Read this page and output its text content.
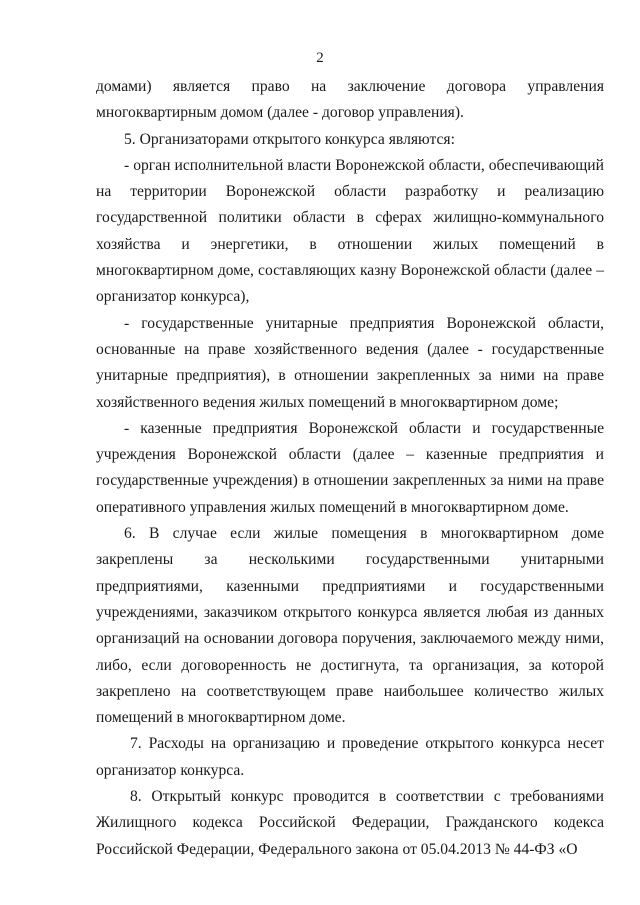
2

домами) является право на заключение договора управления многоквартирным домом (далее - договор управления).

5. Организаторами открытого конкурса являются:

- орган исполнительной власти Воронежской области, обеспечивающий на территории Воронежской области разработку и реализацию государственной политики области в сферах жилищно-коммунального хозяйства и энергетики, в отношении жилых помещений в многоквартирном доме, составляющих казну Воронежской области (далее – организатор конкурса),

- государственные унитарные предприятия Воронежской области, основанные на праве хозяйственного ведения (далее - государственные унитарные предприятия), в отношении закрепленных за ними на праве хозяйственного ведения жилых помещений в многоквартирном доме;

- казенные предприятия Воронежской области и государственные учреждения Воронежской области (далее – казенные предприятия и государственные учреждения) в отношении закрепленных за ними на праве оперативного управления жилых помещений в многоквартирном доме.

6. В случае если жилые помещения в многоквартирном доме закреплены за несколькими государственными унитарными предприятиями, казенными предприятиями и государственными учреждениями, заказчиком открытого конкурса является любая из данных организаций на основании договора поручения, заключаемого между ними, либо, если договоренность не достигнута, та организация, за которой закреплено на соответствующем праве наибольшее количество жилых помещений в многоквартирном доме.

7. Расходы на организацию и проведение открытого конкурса несет организатор конкурса.

8. Открытый конкурс проводится в соответствии с требованиями Жилищного кодекса Российской Федерации, Гражданского кодекса Российской Федерации, Федерального закона от 05.04.2013 № 44-ФЗ «О
